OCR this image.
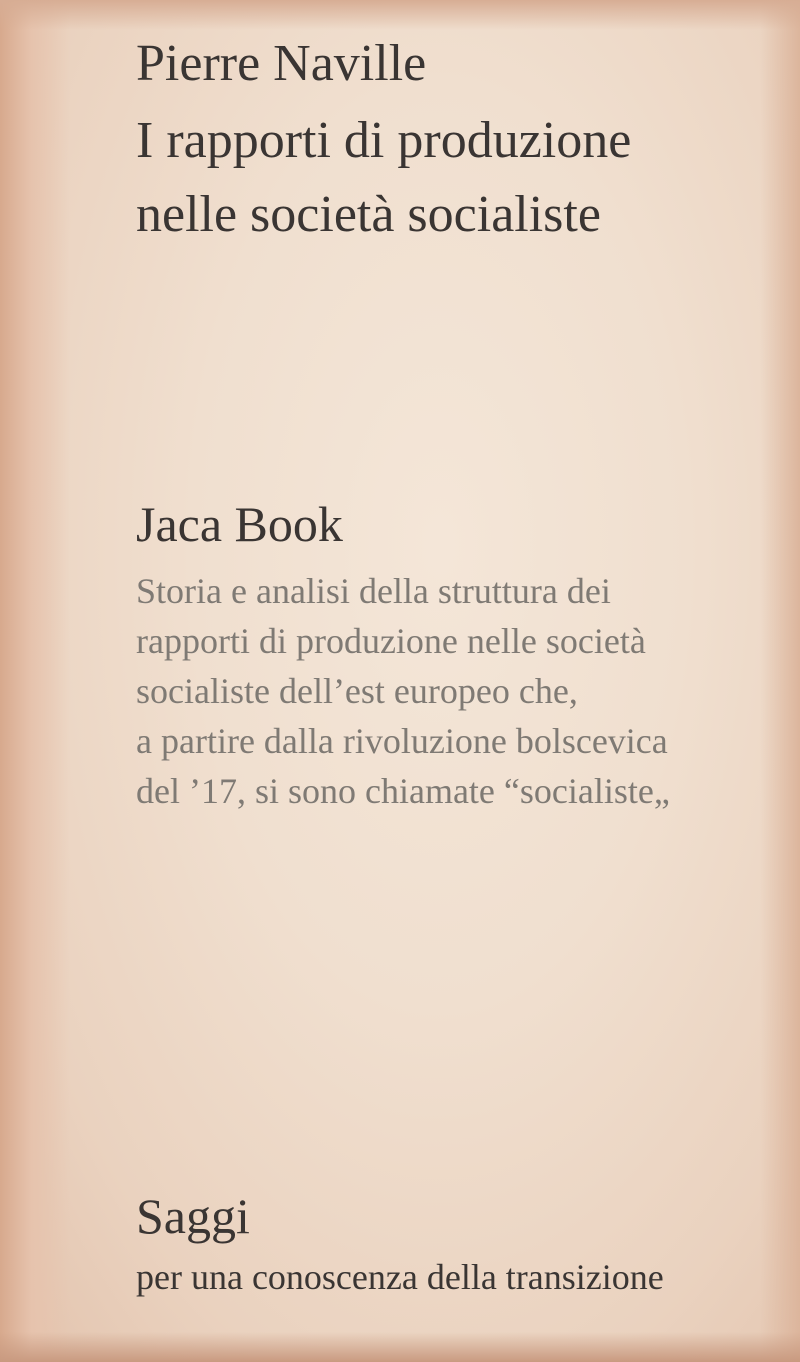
Pierre Naville
I rapporti di produzione
nelle società socialiste
Jaca Book
Storia e analisi della struttura dei
rapporti di produzione nelle società
socialiste dell’est europeo che,
a partire dalla rivoluzione bolscevica
del ’17, si sono chiamate “socialiste„
Saggi
per una conoscenza della transizione
